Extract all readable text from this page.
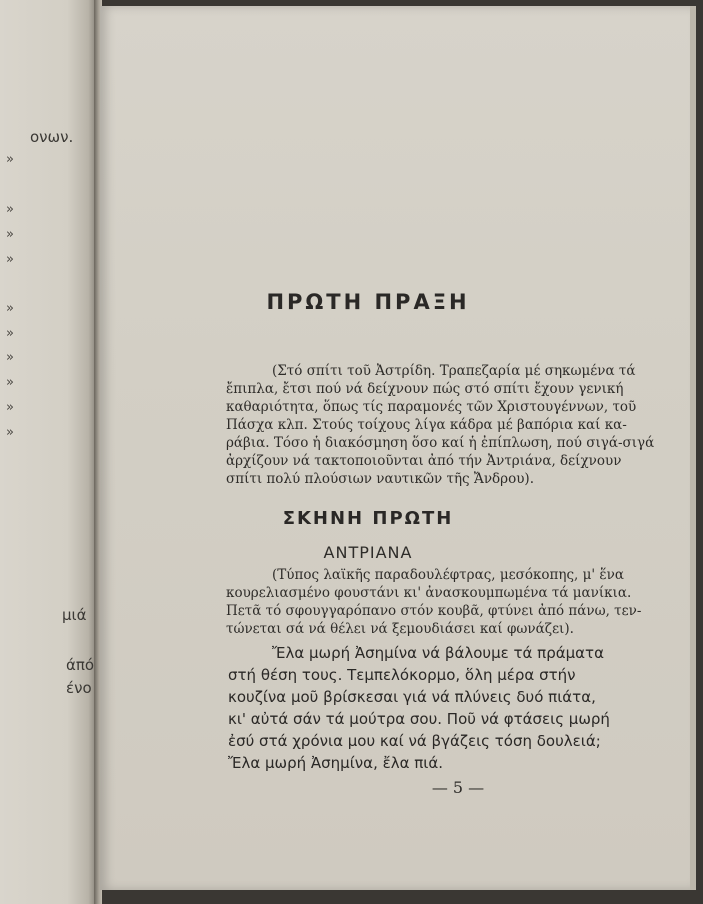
ονων.
»
»
»
»
»
»
»
»
»
»
μιά
άπό
ένο
ΠΡΩΤΗ ΠΡΑΞΗ
(Στό σπίτι τοῦ Ἀστρίδη. Τραπεζαρία μέ σηκωμένα τά
ἔπιπλα, ἔτσι πού νά δείχνουν πώς στό σπίτι ἔχουν γενική
καθαριότητα, ὅπως τίς παραμονές τῶν Χριστουγέννων, τοῦ
Πάσχα κλπ. Στούς τοίχους λίγα κάδρα μέ βαπόρια καί κα-
ράβια. Τόσο ἡ διακόσμηση ὅσο καί ἡ ἐπίπλωση, πού σιγά-σιγά
ἀρχίζουν νά τακτοποιοῦνται ἀπό τήν Ἀντριάνα, δείχνουν
σπίτι πολύ πλούσιων ναυτικῶν τῆς Ἄνδρου).
ΣΚΗΝΗ ΠΡΩΤΗ
ΑΝΤΡΙΑΝΑ
(Τύπος λαϊκῆς παραδουλέφτρας, μεσόκοπης, μ' ἕνα
κουρελιασμένο φουστάνι κι' ἀνασκουμπωμένα τά μανίκια.
Πετᾶ τό σφουγγαρόπανο στόν κουβᾶ, φτύνει ἀπό πάνω, τεν-
τώνεται σά νά θέλει νά ξεμουδιάσει καί φωνάζει).
Ἔλα μωρή Ἀσημίνα νά βάλουμε τά πράματα
στή θέση τους. Τεμπελόκορμο, ὅλη μέρα στήν
κουζίνα μοῦ βρίσκεσαι γιά νά πλύνεις δυό πιάτα,
κι' αὐτά σάν τά μούτρα σου. Ποῦ νά φτάσεις μωρή
ἐσύ στά χρόνια μου καί νά βγάζεις τόση δουλειά;
Ἔλα μωρή Ἀσημίνα, ἔλα πιά.
— 5 —
